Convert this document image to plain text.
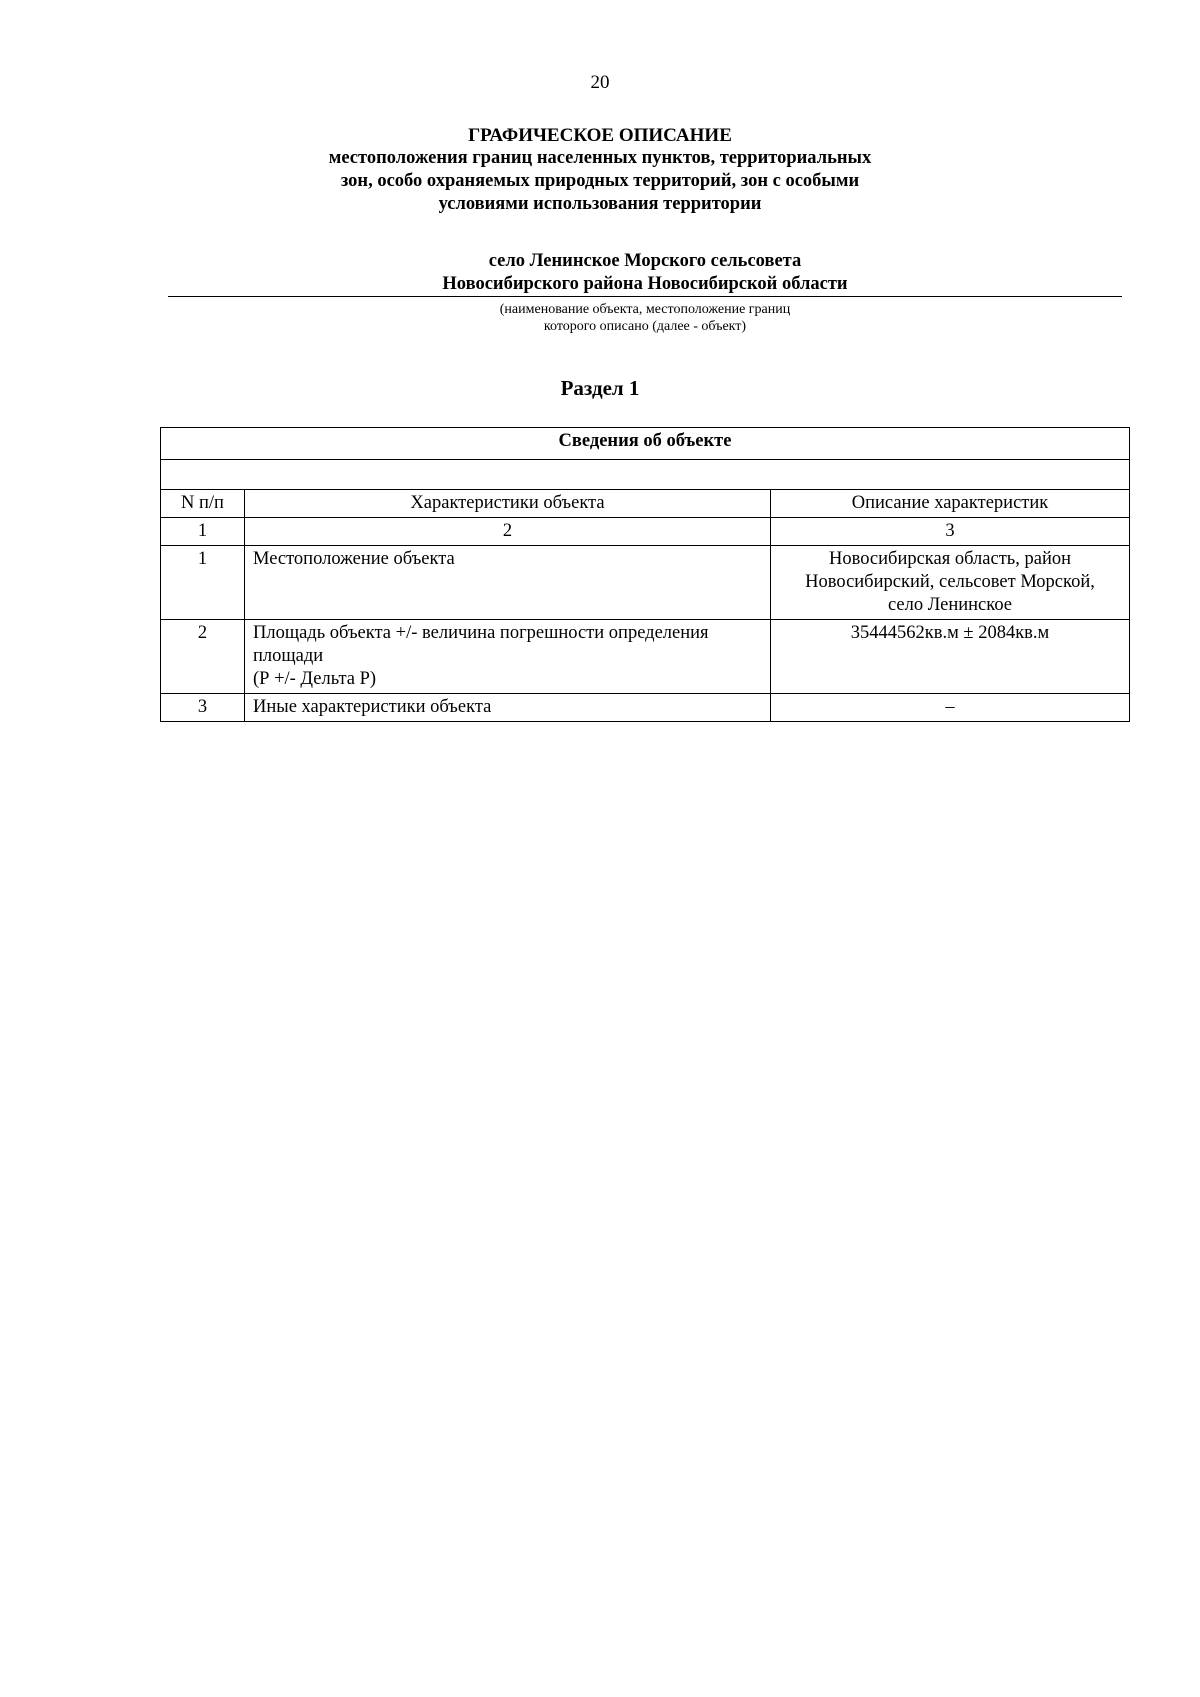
20
ГРАФИЧЕСКОЕ ОПИСАНИЕ
местоположения границ населенных пунктов, территориальных
зон, особо охраняемых природных территорий, зон с особыми
условиями использования территории
село Ленинское Морского сельсовета
Новосибирского района Новосибирской области
(наименование объекта, местоположение границ
которого описано (далее - объект)
Раздел 1
Сведения об объекте		

N п/п	Характеристики объекта	Описание характеристик
1	2	3
1	Местоположение объекта	Новосибирская область, район
Новосибирский, сельсовет Морской,
село Ленинское

2	Площадь объекта +/- величина погрешности определения
площади
(Р +/- Дельта Р)	35444562кв.м ± 2084кв.м

3	Иные характеристики объекта	–
